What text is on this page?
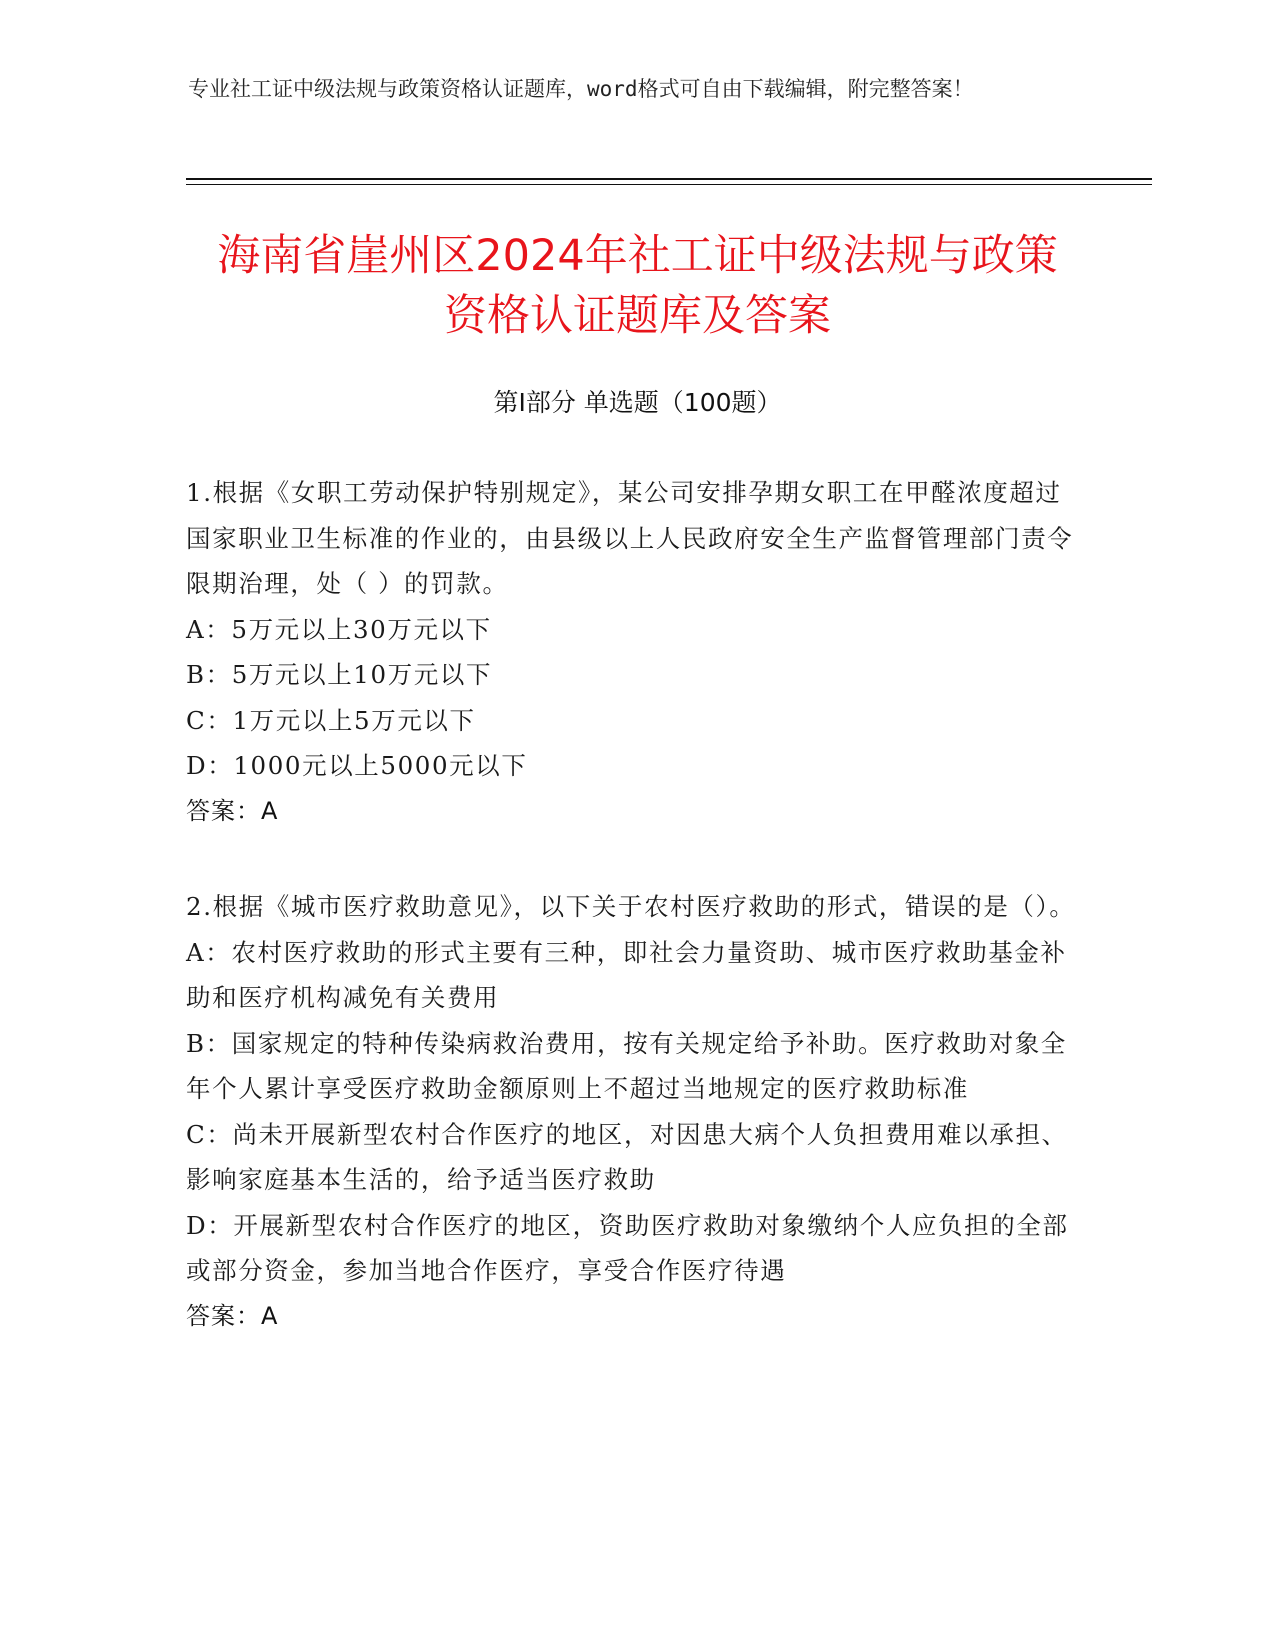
专业社工证中级法规与政策资格认证题库，word格式可自由下载编辑，附完整答案！
海南省崖州区2024年社工证中级法规与政策
资格认证题库及答案
第Ⅰ部分 单选题（100题）
1.根据《女职工劳动保护特别规定》，某公司安排孕期女职工在甲醛浓度超过国家职业卫生标准的作业的，由县级以上人民政府安全生产监督管理部门责令限期治理，处（ ）的罚款。
A：5万元以上30万元以下
B：5万元以上10万元以下
C：1万元以上5万元以下
D：1000元以上5000元以下
答案：A
2.根据《城市医疗救助意见》，以下关于农村医疗救助的形式，错误的是（）。
A：农村医疗救助的形式主要有三种，即社会力量资助、城市医疗救助基金补助和医疗机构减免有关费用
B：国家规定的特种传染病救治费用，按有关规定给予补助。医疗救助对象全年个人累计享受医疗救助金额原则上不超过当地规定的医疗救助标准
C：尚未开展新型农村合作医疗的地区，对因患大病个人负担费用难以承担、影响家庭基本生活的，给予适当医疗救助
D：开展新型农村合作医疗的地区，资助医疗救助对象缴纳个人应负担的全部或部分资金，参加当地合作医疗，享受合作医疗待遇
答案：A
